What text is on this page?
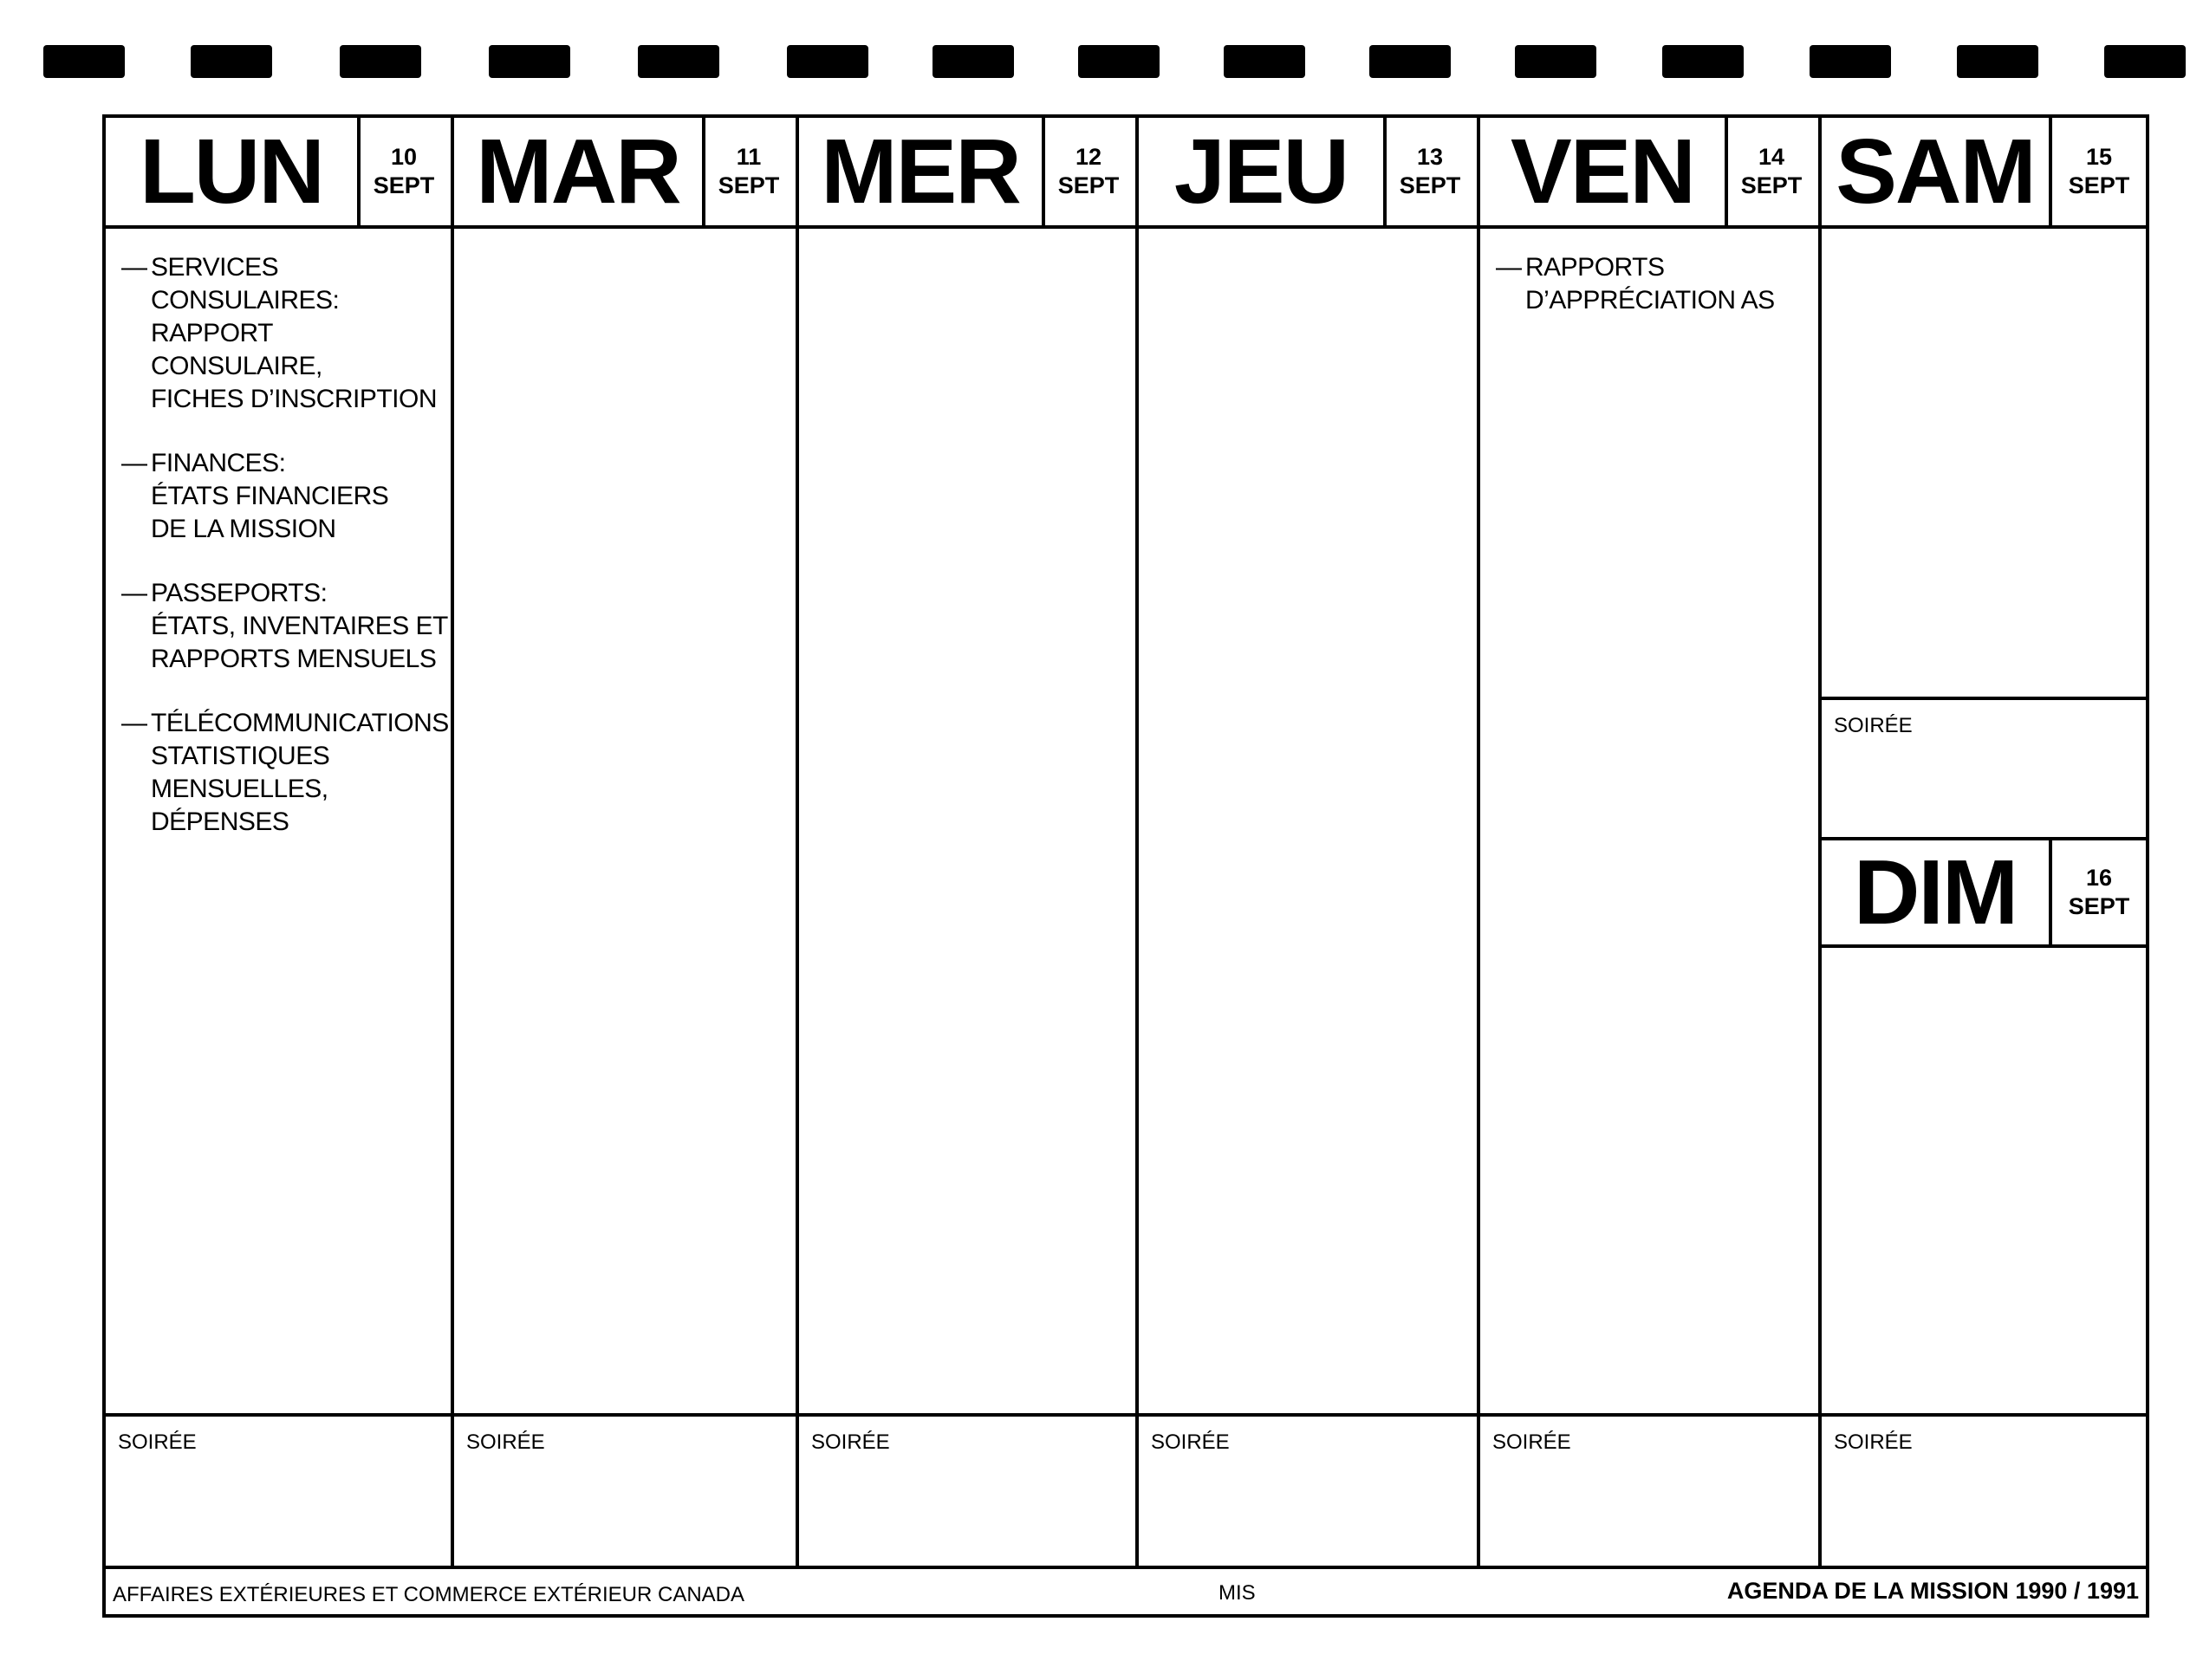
LUN	10
SEPT
— SERVICES CONSULAIRES:
RAPPORT CONSULAIRE,
FICHES D’INSCRIPTION
— FINANCES:
ÉTATS FINANCIERS
DE LA MISSION
— PASSEPORTS:
ÉTATS, INVENTAIRES ET
RAPPORTS MENSUELS
— TÉLÉCOMMUNICATIONS:
STATISTIQUES
MENSUELLES, DÉPENSES
SOIRÉE
MAR	11
SEPT
SOIRÉE
MER	12
SEPT
SOIRÉE
JEU	13
SEPT
SOIRÉE
VEN	14
SEPT
— RAPPORTS
D’APPRÉCIATION AS
SOIRÉE
SAM	15
SEPT
SOIRÉE
DIM	16
SEPT
SOIRÉE
AFFAIRES EXTÉRIEURES ET COMMERCE EXTÉRIEUR CANADA	MIS	AGENDA DE LA MISSION 1990 / 1991
